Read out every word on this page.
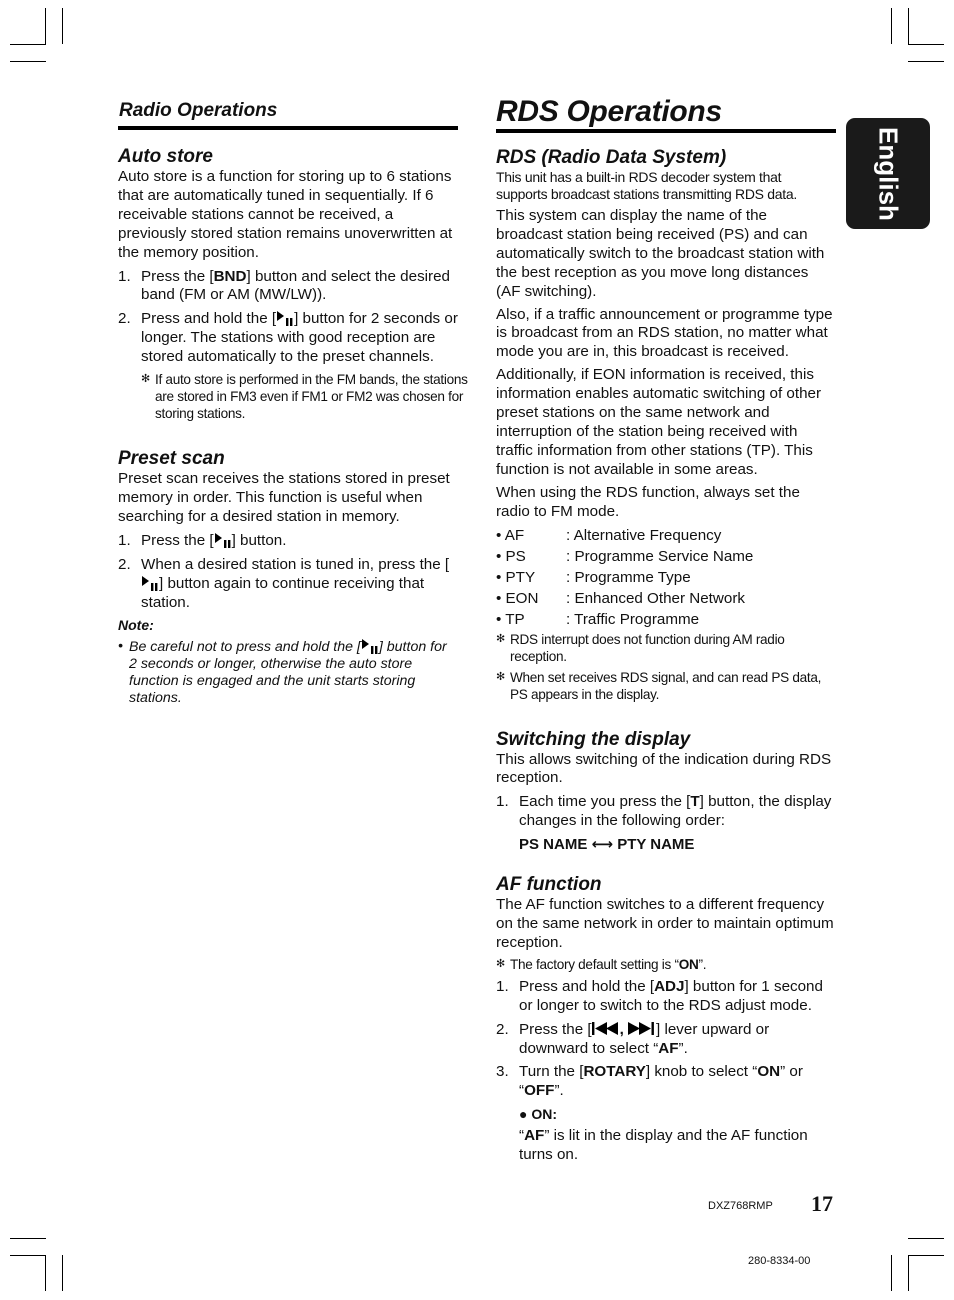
Radio Operations
Auto store

Auto store is a function for storing up to 6 stations that are automatically tuned in sequentially. If 6 receivable stations cannot be received, a previously stored station remains unoverwritten at the memory position.

1. Press the [BND] button and select the desired band (FM or AM (MW/LW)).
2. Press and hold the [ ] button for 2 seconds or longer. The stations with good reception are stored automatically to the preset channels.
✻ If auto store is performed in the FM bands, the stations are stored in FM3 even if FM1 or FM2 was chosen for storing stations.
Preset scan

Preset scan receives the stations stored in preset memory in order. This function is useful when searching for a desired station in memory.

1. Press the [ ] button.
2. When a desired station is tuned in, press the [] button again to continue receiving that station.
Note:
• Be careful not to press and hold the [ ] button for 2 seconds or longer, otherwise the auto store function is engaged and the unit starts storing stations.
RDS Operations
RDS (Radio Data System)

This unit has a built-in RDS decoder system that supports broadcast stations transmitting RDS data.

This system can display the name of the broadcast station being received (PS) and can automatically switch to the broadcast station with the best reception as you move long distances (AF switching).

Also, if a traffic announcement or programme type is broadcast from an RDS station, no matter what mode you are in, this broadcast is received.

Additionally, if EON information is received, this information enables automatic switching of other preset stations on the same network and interruption of the station being received with traffic information from other stations (TP). This function is not available in some areas.

When using the RDS function, always set the radio to FM mode.

• AF	: Alternative Frequency
• PS	: Programme Service Name
• PTY	: Programme Type
• EON	: Enhanced Other Network
• TP	: Traffic Programme
✻ RDS interrupt does not function during AM radio reception.
✻ When set receives RDS signal, and can read PS data, PS appears in the display.
Switching the display

This allows switching of the indication during RDS reception.

1. Each time you press the [T] button, the display changes in the following order:
PS NAME ⟷ PTY NAME
AF function

The AF function switches to a different frequency on the same network in order to maintain optimum reception.

✻ The factory default setting is “ON”.
1. Press and hold the [ADJ] button for 1 second or longer to switch to the RDS adjust mode.
2. Press the [ , ] lever upward or downward to select “AF”.
3. Turn the [ROTARY] knob to select “ON” or “OFF”.
● ON:

“AF” is lit in the display and the AF function turns on.

English
DXZ768RMP 17
280-8334-00
